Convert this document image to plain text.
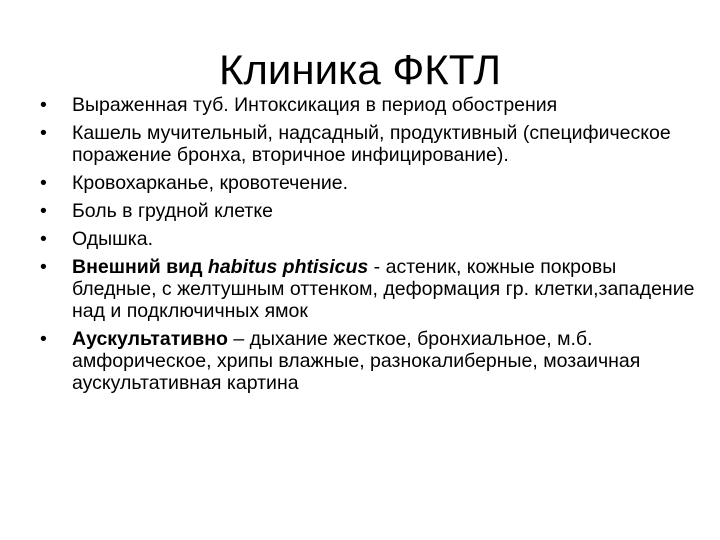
Клиника ФКТЛ
•	Выраженная туб. Интоксикация в период обострения
•	Кашель мучительный, надсадный, продуктивный (специфическое поражение бронха, вторичное инфицирование).
•	Кровохарканье, кровотечение.
•	Боль в грудной клетке
•	Одышка.
•	Внешний вид habitus phtisicus - астеник, кожные покровы бледные, с желтушным оттенком, деформация гр. клетки,западение над и подключичных ямок
•	Аускультативно – дыхание жесткое, бронхиальное, м.б. амфорическое, хрипы влажные, разнокалиберные, мозаичная аускультативная картина
